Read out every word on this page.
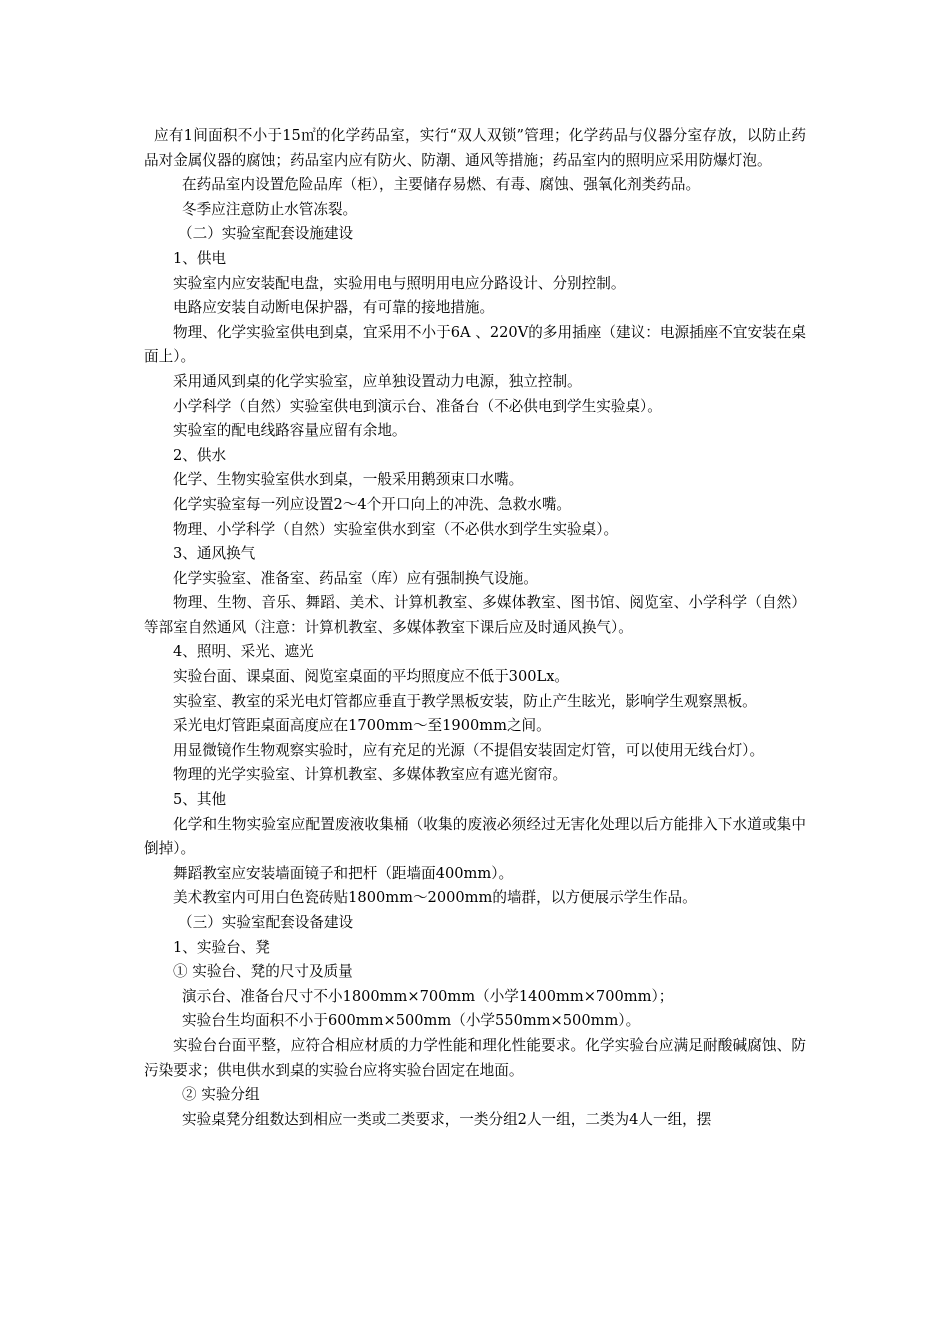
应有1间面积不小于15㎡的化学药品室，实行“双人双锁”管理；化学药品与仪器分室存放，以防止药品对金属仪器的腐蚀；药品室内应有防火、防潮、通风等措施；药品室内的照明应采用防爆灯泡。

在药品室内设置危险品库（柜），主要储存易燃、有毒、腐蚀、强氧化剂类药品。

冬季应注意防止水管冻裂。

（二）实验室配套设施建设

1、供电

实验室内应安装配电盘，实验用电与照明用电应分路设计、分别控制。

电路应安装自动断电保护器，有可靠的接地措施。

物理、化学实验室供电到桌，宜采用不小于6A 、220V的多用插座（建议：电源插座不宜安装在桌面上）。

采用通风到桌的化学实验室，应单独设置动力电源，独立控制。

小学科学（自然）实验室供电到演示台、准备台（不必供电到学生实验桌）。

实验室的配电线路容量应留有余地。

2、供水

化学、生物实验室供水到桌，一般采用鹅颈束口水嘴。

化学实验室每一列应设置2～4个开口向上的冲洗、急救水嘴。

物理、小学科学（自然）实验室供水到室（不必供水到学生实验桌）。

3、通风换气

化学实验室、准备室、药品室（库）应有强制换气设施。

物理、生物、音乐、舞蹈、美术、计算机教室、多媒体教室、图书馆、阅览室、小学科学（自然）等部室自然通风（注意：计算机教室、多媒体教室下课后应及时通风换气）。

4、照明、采光、遮光

实验台面、课桌面、阅览室桌面的平均照度应不低于300Lx。

实验室、教室的采光电灯管都应垂直于教学黑板安装，防止产生眩光，影响学生观察黑板。

采光电灯管距桌面高度应在1700mm～至1900mm之间。

用显微镜作生物观察实验时，应有充足的光源（不提倡安装固定灯管，可以使用无线台灯）。

物理的光学实验室、计算机教室、多媒体教室应有遮光窗帘。

5、其他

化学和生物实验室应配置废液收集桶（收集的废液必须经过无害化处理以后方能排入下水道或集中倒掉）。

舞蹈教室应安装墙面镜子和把杆（距墙面400mm）。

美术教室内可用白色瓷砖贴1800mm～2000mm的墙群，以方便展示学生作品。

（三）实验室配套设备建设

1、实验台、凳

① 实验台、凳的尺寸及质量

演示台、准备台尺寸不小1800mm×700mm（小学1400mm×700mm）；

实验台生均面积不小于600mm×500mm（小学550mm×500mm）。

实验台台面平整，应符合相应材质的力学性能和理化性能要求。化学实验台应满足耐酸碱腐蚀、防污染要求；供电供水到桌的实验台应将实验台固定在地面。

② 实验分组

实验桌凳分组数达到相应一类或二类要求，一类分组2人一组，二类为4人一组，摆
